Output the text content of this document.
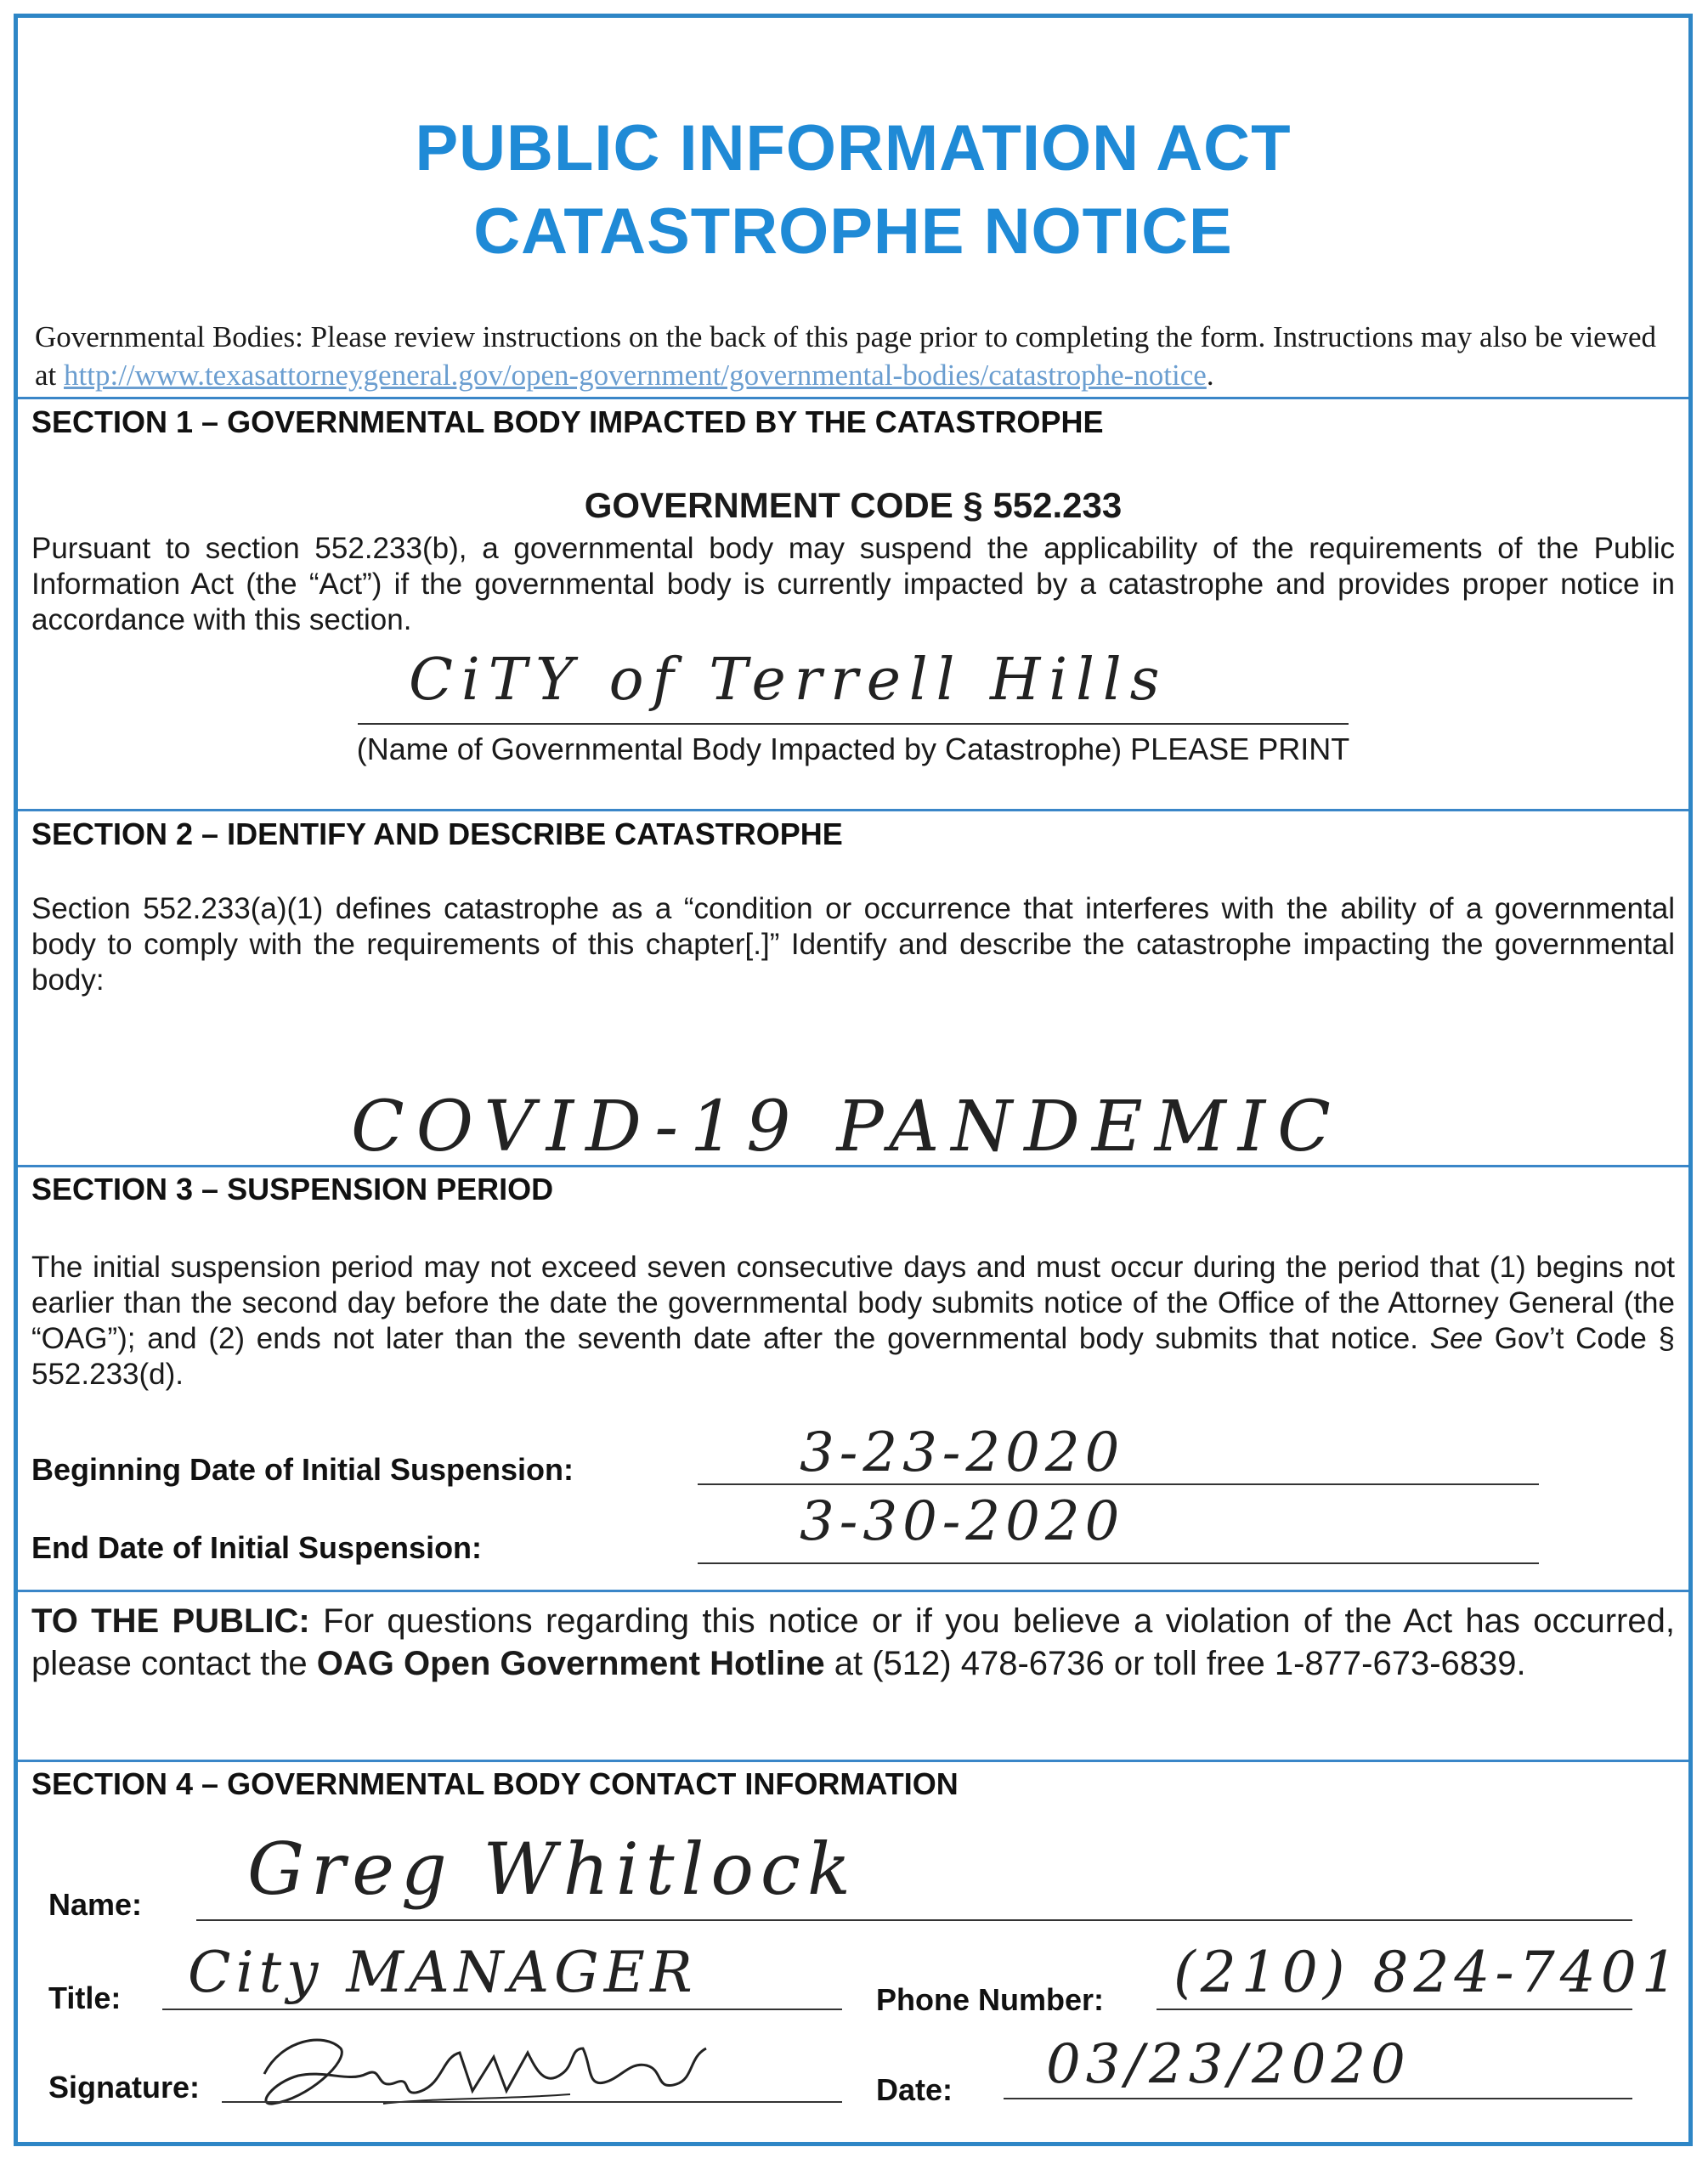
PUBLIC INFORMATION ACT
CATASTROPHE NOTICE
Governmental Bodies: Please review instructions on the back of this page prior to completing the form. Instructions may also be viewed at http://www.texasattorneygeneral.gov/open-government/governmental-bodies/catastrophe-notice.
SECTION 1 – GOVERNMENTAL BODY IMPACTED BY THE CATASTROPHE
GOVERNMENT CODE § 552.233
Pursuant to section 552.233(b), a governmental body may suspend the applicability of the requirements of the Public Information Act (the “Act”) if the governmental body is currently impacted by a catastrophe and provides proper notice in accordance with this section.
CiTY of Terrell Hills
(Name of Governmental Body Impacted by Catastrophe) PLEASE PRINT
SECTION 2 – IDENTIFY AND DESCRIBE CATASTROPHE
Section 552.233(a)(1) defines catastrophe as a “condition or occurrence that interferes with the ability of a governmental body to comply with the requirements of this chapter[.]” Identify and describe the catastrophe impacting the governmental body:
COVID-19 PANDEMIC
SECTION 3 – SUSPENSION PERIOD
The initial suspension period may not exceed seven consecutive days and must occur during the period that (1) begins not earlier than the second day before the date the governmental body submits notice of the Office of the Attorney General (the “OAG”); and (2) ends not later than the seventh date after the governmental body submits that notice. See Gov’t Code § 552.233(d).
Beginning Date of Initial Suspension:	3-23-2020
End Date of Initial Suspension:	3-30-2020
TO THE PUBLIC: For questions regarding this notice or if you believe a violation of the Act has occurred, please contact the OAG Open Government Hotline at (512) 478-6736 or toll free 1-877-673-6839.
SECTION 4 – GOVERNMENTAL BODY CONTACT INFORMATION
Name: Greg Whitlock
Title: City MANAGER	Phone Number: (210) 824-7401
Signature:	Date: 03/23/2020
